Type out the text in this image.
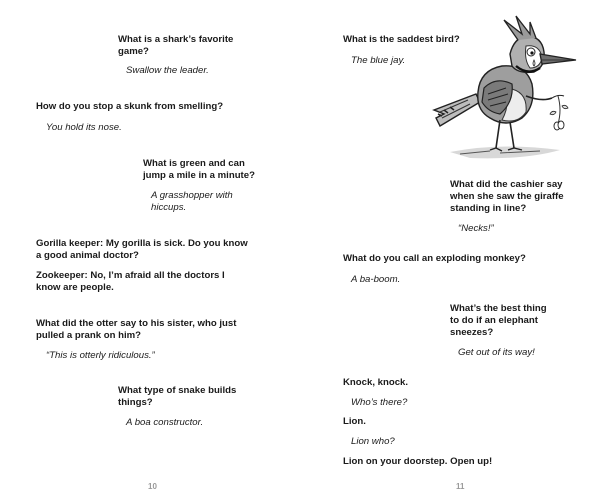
What is a shark’s favorite
game?

Swallow the leader.

How do you stop a skunk from smelling?

You hold its nose.

What is green and can
jump a mile in a minute?

A grasshopper with
hiccups.

Gorilla keeper: My gorilla is sick. Do you know
a good animal doctor?

Zookeeper: No, I’m afraid all the doctors I
know are people.

What did the otter say to his sister, who just
pulled a prank on him?

“This is otterly ridiculous.”

What type of snake builds
things?

A boa constructor.

10

What is the saddest bird?

The blue jay.

What did the cashier say
when she saw the giraffe
standing in line?

“Necks!”

What do you call an exploding monkey?

A ba-boom.

What’s the best thing
to do if an elephant
sneezes?

Get out of its way!

Knock, knock.

Who’s there?

Lion.

Lion who?

Lion on your doorstep. Open up!

11
